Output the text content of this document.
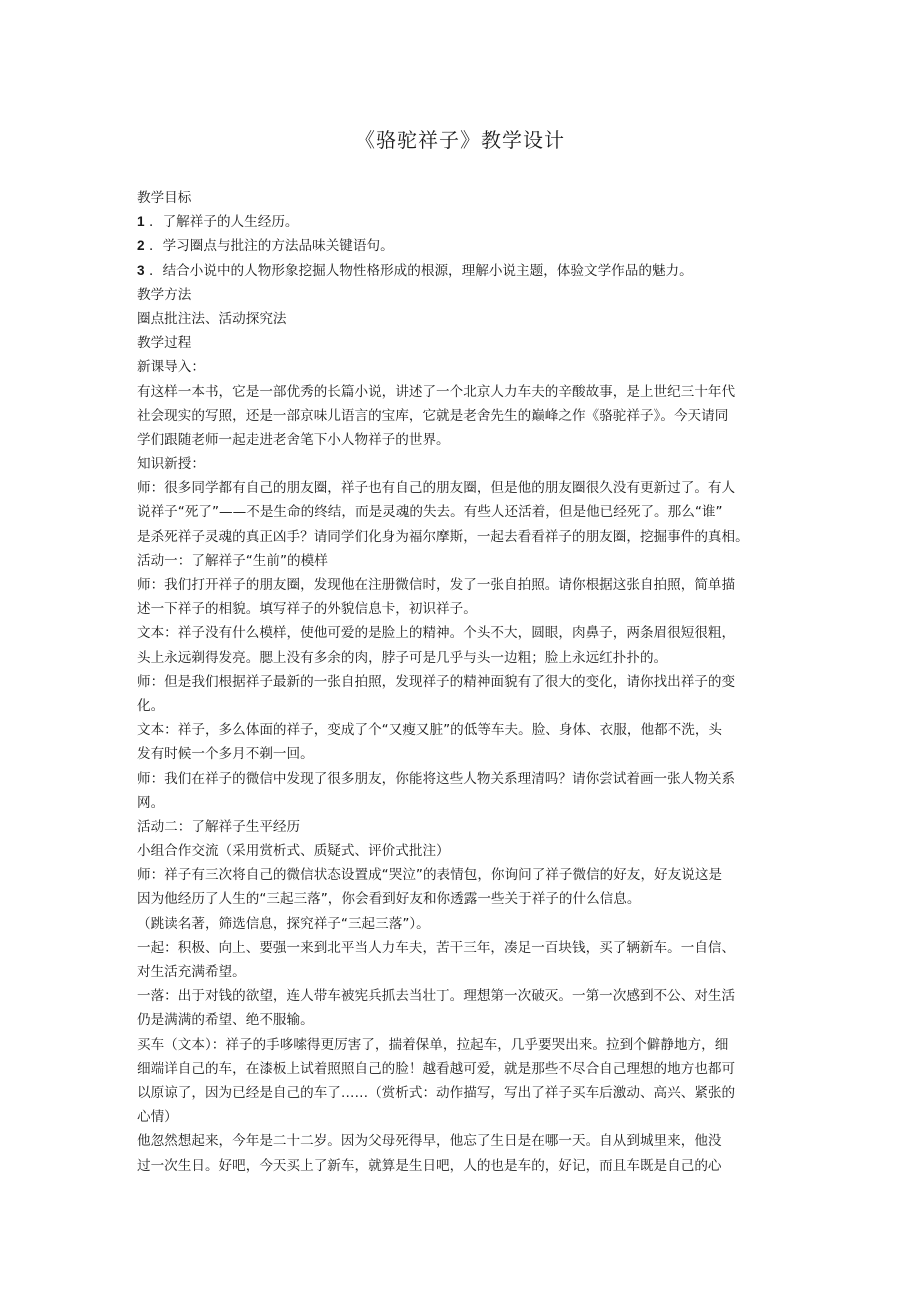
《骆驼祥子》教学设计
教学目标
1 ．了解祥子的人生经历。
2 ．学习圈点与批注的方法品味关键语句。
3 ．结合小说中的人物形象挖掘人物性格形成的根源，理解小说主题，体验文学作品的魅力。
教学方法
圈点批注法、活动探究法
教学过程
新课导入：
有这样一本书，它是一部优秀的长篇小说，讲述了一个北京人力车夫的辛酸故事，是上世纪三十年代
社会现实的写照，还是一部京味儿语言的宝库，它就是老舍先生的巅峰之作《骆驼祥子》。今天请同
学们跟随老师一起走进老舍笔下小人物祥子的世界。
知识新授：
师：很多同学都有自己的朋友圈，祥子也有自己的朋友圈，但是他的朋友圈很久没有更新过了。有人
说祥子“死了”——不是生命的终结，而是灵魂的失去。有些人还活着，但是他已经死了。那么“谁”
是杀死祥子灵魂的真正凶手？请同学们化身为福尔摩斯，一起去看看祥子的朋友圈，挖掘事件的真相。
活动一：了解祥子“生前”的模样
师：我们打开祥子的朋友圈，发现他在注册微信时，发了一张自拍照。请你根据这张自拍照，简单描
述一下祥子的相貌。填写祥子的外貌信息卡，初识祥子。
文本：祥子没有什么模样，使他可爱的是脸上的精神。个头不大，圆眼，肉鼻子，两条眉很短很粗，
头上永远剃得发亮。腮上没有多余的肉，脖子可是几乎与头一边粗；脸上永远红扑扑的。
师：但是我们根据祥子最新的一张自拍照，发现祥子的精神面貌有了很大的变化，请你找出祥子的变
化。
文本：祥子，多么体面的祥子，变成了个“又瘦又脏”的低等车夫。脸、身体、衣服，他都不洗，头
发有时候一个多月不剃一回。
师：我们在祥子的微信中发现了很多朋友，你能将这些人物关系理清吗？请你尝试着画一张人物关系
网。
活动二：了解祥子生平经历
小组合作交流（采用赏析式、质疑式、评价式批注）
师：祥子有三次将自己的微信状态设置成“哭泣”的表情包，你询问了祥子微信的好友，好友说这是
因为他经历了人生的“三起三落”，你会看到好友和你透露一些关于祥子的什么信息。
（跳读名著，筛选信息，探究祥子“三起三落”）。
一起：积极、向上、要强一来到北平当人力车夫，苦干三年，凑足一百块钱，买了辆新车。一自信、
对生活充满希望。
一落：出于对钱的欲望，连人带车被宪兵抓去当壮丁。理想第一次破灭。一第一次感到不公、对生活
仍是满满的希望、绝不服输。
买车（文本）：祥子的手哆嗦得更厉害了，揣着保单，拉起车，几乎要哭出来。拉到个僻静地方，细
细端详自己的车，在漆板上试着照照自己的脸！越看越可爱，就是那些不尽合自己理想的地方也都可
以原谅了，因为已经是自己的车了……（赏析式：动作描写，写出了祥子买车后激动、高兴、紧张的
心情）
他忽然想起来，今年是二十二岁。因为父母死得早，他忘了生日是在哪一天。自从到城里来，他没
过一次生日。好吧，今天买上了新车，就算是生日吧，人的也是车的，好记，而且车既是自己的心
